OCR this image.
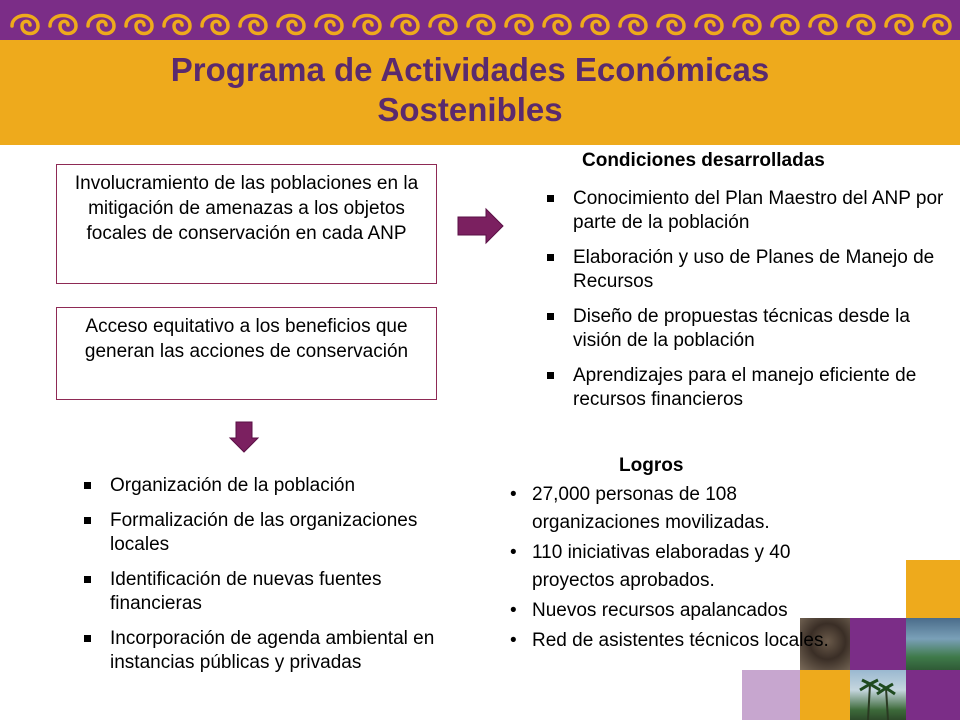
Programa de Actividades Económicas Sostenibles
Involucramiento de las poblaciones en la mitigación de amenazas a los objetos focales de conservación en cada ANP
Acceso equitativo a los beneficios que generan las acciones de conservación
Condiciones desarrolladas
Conocimiento del Plan Maestro del ANP por parte de la población
Elaboración y uso de Planes de Manejo de Recursos
Diseño de propuestas técnicas desde la visión de la población
Aprendizajes para el manejo eficiente de recursos financieros
Organización de la población
Formalización de las organizaciones locales
Identificación de nuevas fuentes financieras
Incorporación de agenda ambiental en instancias públicas y privadas
Logros
• 27,000 personas de 108 organizaciones movilizadas.
• 110 iniciativas elaboradas y 40 proyectos aprobados.
• Nuevos recursos apalancados
• Red de asistentes técnicos locales.
